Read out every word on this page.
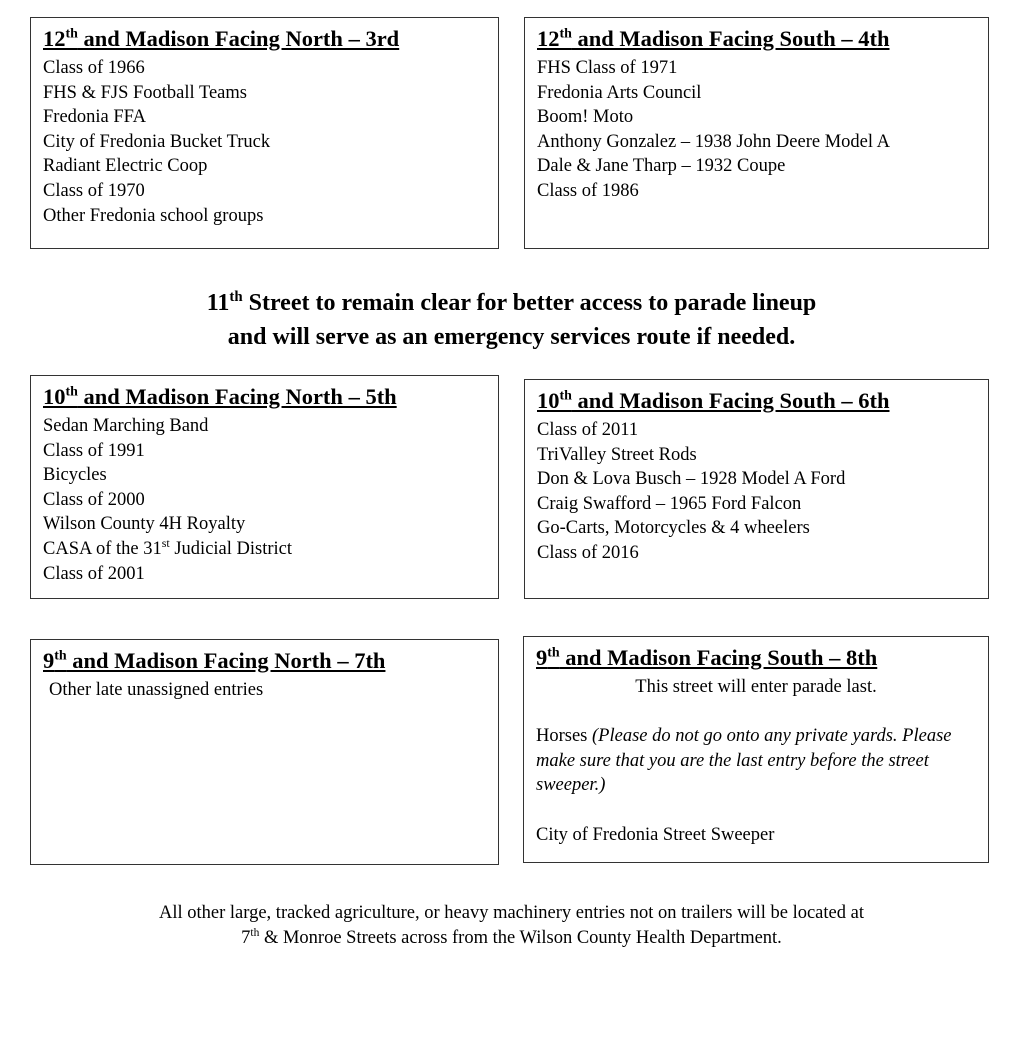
12th and Madison Facing North – 3rd
Class of 1966
FHS & FJS Football Teams
Fredonia FFA
City of Fredonia Bucket Truck
Radiant Electric Coop
Class of 1970
Other Fredonia school groups
12th and Madison Facing South – 4th
FHS Class of 1971
Fredonia Arts Council
Boom! Moto
Anthony Gonzalez – 1938 John Deere Model A
Dale & Jane Tharp – 1932 Coupe
Class of 1986
11th Street to remain clear for better access to parade lineup
and will serve as an emergency services route if needed.
10th and Madison Facing North – 5th
Sedan Marching Band
Class of 1991
Bicycles
Class of 2000
Wilson County 4H Royalty
CASA of the 31st Judicial District
Class of 2001
10th and Madison Facing South – 6th
Class of 2011
TriValley Street Rods
Don & Lova Busch – 1928 Model A Ford
Craig Swafford – 1965 Ford Falcon
Go-Carts, Motorcycles & 4 wheelers
Class of 2016
9th and Madison Facing North – 7th
Other late unassigned entries
9th and Madison Facing South – 8th

This street will enter parade last.

Horses (Please do not go onto any private yards. Please make sure that you are the last entry before the street sweeper.)

City of Fredonia Street Sweeper

All other large, tracked agriculture, or heavy machinery entries not on trailers will be located at
7th & Monroe Streets across from the Wilson County Health Department.
